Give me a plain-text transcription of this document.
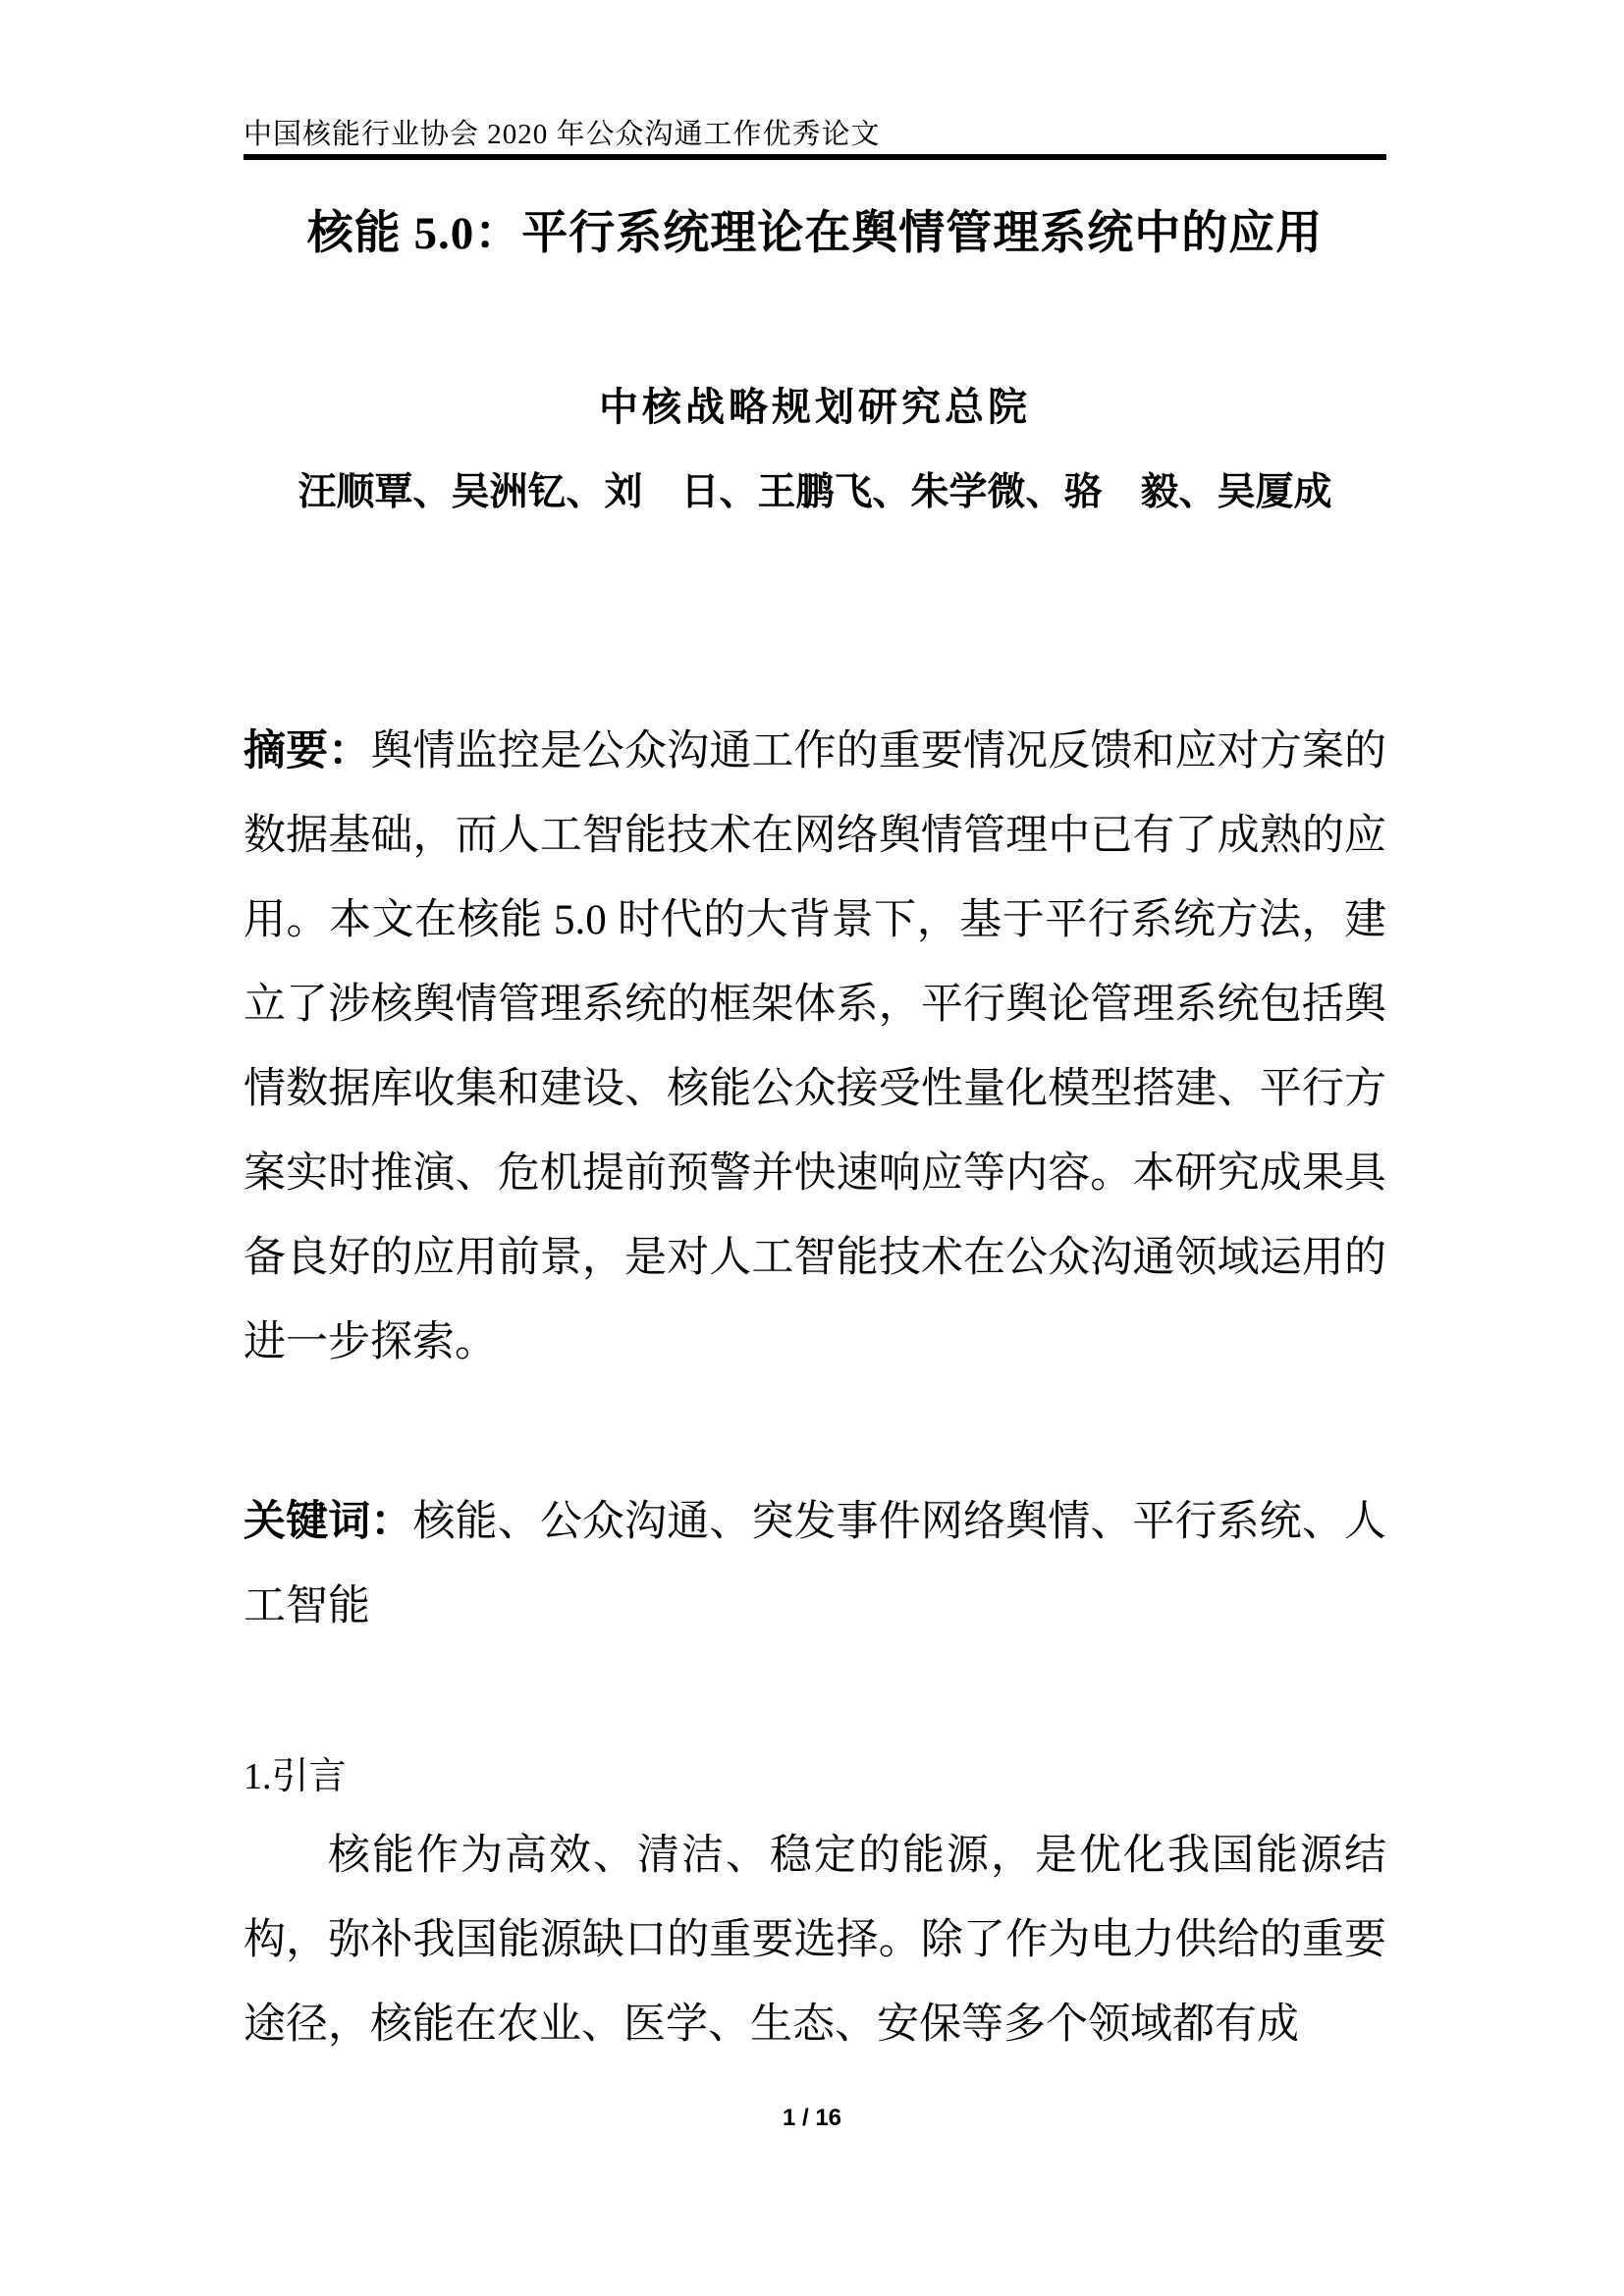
中国核能行业协会 2020 年公众沟通工作优秀论文
核能 5.0：平行系统理论在舆情管理系统中的应用
中核战略规划研究总院
汪顺覃、吴洲钇、刘　日、王鹏飞、朱学微、骆　毅、吴厦成

摘要：舆情监控是公众沟通工作的重要情况反馈和应对方案的数据基础，而人工智能技术在网络舆情管理中已有了成熟的应用。本文在核能 5.0 时代的大背景下，基于平行系统方法，建立了涉核舆情管理系统的框架体系，平行舆论管理系统包括舆情数据库收集和建设、核能公众接受性量化模型搭建、平行方案实时推演、危机提前预警并快速响应等内容。本研究成果具备良好的应用前景，是对人工智能技术在公众沟通领域运用的进一步探索。

关键词：核能、公众沟通、突发事件网络舆情、平行系统、人工智能

1.引言

核能作为高效、清洁、稳定的能源，是优化我国能源结构，弥补我国能源缺口的重要选择。除了作为电力供给的重要途径，核能在农业、医学、生态、安保等多个领域都有成

1 / 16
